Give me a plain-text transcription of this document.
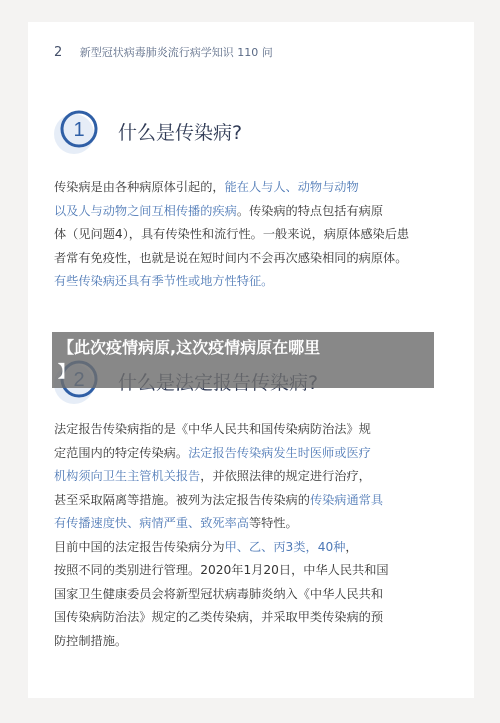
2 新型冠状病毒肺炎流行病学知识 110 问
1 什么是传染病?
传染病是由各种病原体引起的，能在人与人、动物与动物
以及人与动物之间互相传播的疾病。传染病的特点包括有病原
体（见问题4），具有传染性和流行性。一般来说，病原体感染后患
者常有免疫性，也就是说在短时间内不会再次感染相同的病原体。
有些传染病还具有季节性或地方性特征。
法定报告传染病指的是《中华人民共和国传染病防治法》规
定范围内的特定传染病。法定报告传染病发生时医师或医疗
机构须向卫生主管机关报告，并依照法律的规定进行治疗，
甚至采取隔离等措施。被列为法定报告传染病的传染病通常具
有传播速度快、病情严重、致死率高等特性。
目前中国的法定报告传染病分为甲、乙、丙3类，40种，
按照不同的类别进行管理。2020年1月20日，中华人民共和国
国家卫生健康委员会将新型冠状病毒肺炎纳入《中华人民共和
国传染病防治法》规定的乙类传染病，并采取甲类传染病的预
防控制措施。
【此次疫情病原,这次疫情病原在哪里
】
